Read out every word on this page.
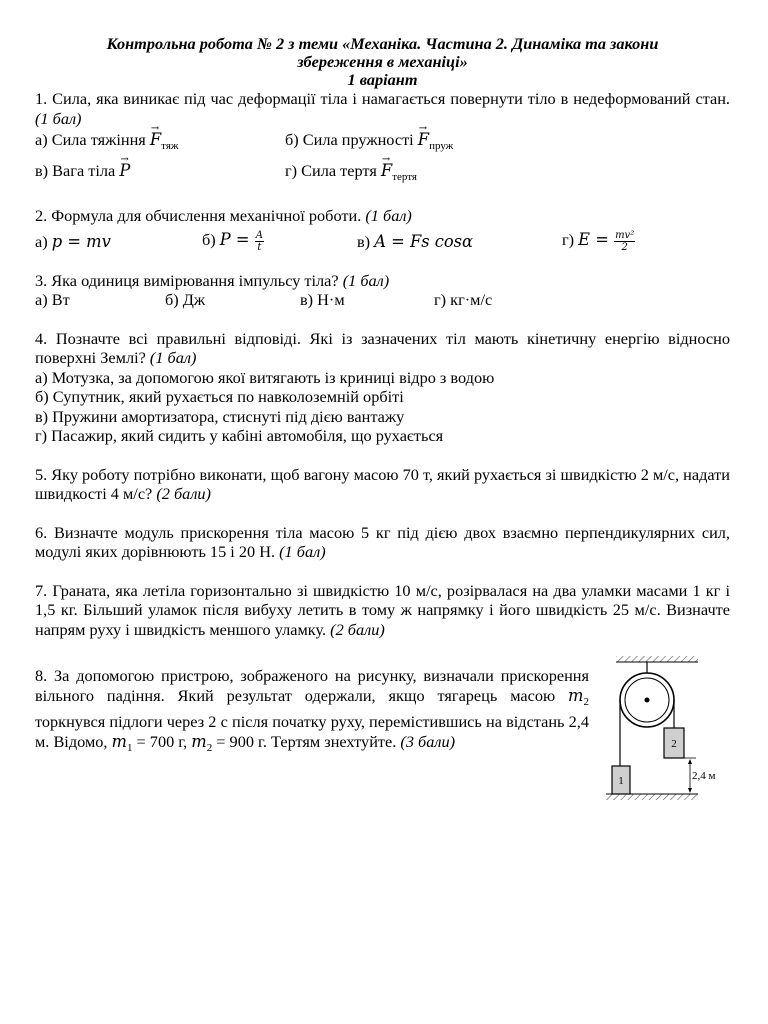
Контрольна робота № 2 з теми «Механіка. Частина 2. Динаміка та закони
збереження в механіці»
1 варіант

1. Сила, яка виникає під час деформації тіла і намагається повернути тіло в недеформований стан. (1 бал)

а) Сила тяжіння → $F_{тяж}$	б) Сила пружності → $F_{пруж}$
в) Вага тіла → P	г) Сила тертя → $F_{тертя}$

2. Формула для обчислення механічної роботи. (1 бал)

а) p = mv	б) $P = \frac{A}{t}$	в) A = Fs cosα	г) $E = \frac{\text{mv²}}{2}$

3. Яка одиниця вимірювання імпульсу тіла? (1 бал)

а) Вт	б) Дж	в) Н·м	г) кг·м/с

4. Позначте всі правильні відповіді. Які із зазначених тіл мають кінетичну енергію відносно поверхні Землі? (1 бал)

а) Мотузка, за допомогою якої витягають із криниці відро з водою
б) Супутник, який рухається по навколоземній орбіті
в) Пружини амортизатора, стиснуті під дією вантажу
г) Пасажир, який сидить у кабіні автомобіля, що рухається

5. Яку роботу потрібно виконати, щоб вагону масою 70 т, який рухається зі швидкістю 2 м/с, надати швидкості 4 м/с? (2 бали)

6. Визначте модуль прискорення тіла масою 5 кг під дією двох взаємно перпендикулярних сил, модулі яких дорівнюють 15 і 20 Н. (1 бал)

7. Граната, яка летіла горизонтально зі швидкістю 10 м/с, розірвалася на два уламки масами 1 кг і 1,5 кг. Більший уламок після вибуху летить в тому ж напрямку і його швидкість 25 м/с. Визначте напрям руху і швидкість меншого уламку. (2 бали)

8. За допомогою пристрою, зображеного на рисунку, визначали прискорення вільного падіння. Який результат одержали, якщо тягарець масою $m_2$ торкнувся підлоги через 2 с після початку руху, перемістившись на відстань 2,4 м. Відомо, $m_1 = 700$ г, $m_2 = 900$ г. Тертям знехтуйте. (3 бали)

1
2
2,4 м
